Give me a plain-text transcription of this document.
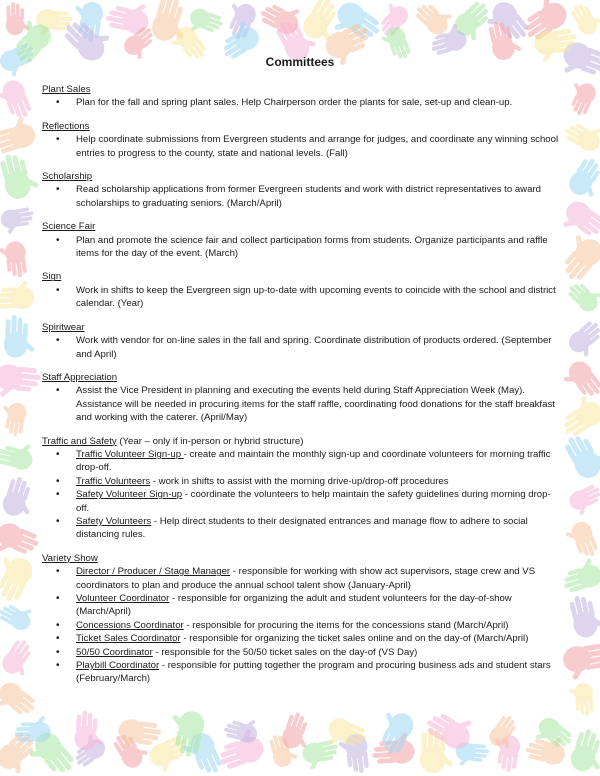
Committees
Plant Sales
• Plan for the fall and spring plant sales. Help Chairperson order the plants for sale, set-up and clean-up.
Reflections
• Help coordinate submissions from Evergreen students and arrange for judges, and coordinate any winning school entries to progress to the county, state and national levels. (Fall)
Scholarship
• Read scholarship applications from former Evergreen students and work with district representatives to award scholarships to graduating seniors. (March/April)
Science Fair
• Plan and promote the science fair and collect participation forms from students. Organize participants and raffle items for the day of the event. (March)
Sign
• Work in shifts to keep the Evergreen sign up-to-date with upcoming events to coincide with the school and district calendar. (Year)
Spiritwear
• Work with vendor for on-line sales in the fall and spring. Coordinate distribution of products ordered. (September and April)
Staff Appreciation
• Assist the Vice President in planning and executing the events held during Staff Appreciation Week (May). Assistance will be needed in procuring items for the staff raffle, coordinating food donations for the staff breakfast and working with the caterer. (April/May)
Traffic and Safety (Year – only if in-person or hybrid structure)
• Traffic Volunteer Sign-up - create and maintain the monthly sign-up and coordinate volunteers for morning traffic drop-off.
• Traffic Volunteers - work in shifts to assist with the morning drive-up/drop-off procedures
• Safety Volunteer Sign-up - coordinate the volunteers to help maintain the safety guidelines during morning drop-off.
• Safety Volunteers - Help direct students to their designated entrances and manage flow to adhere to social distancing rules.
Variety Show
• Director / Producer / Stage Manager - responsible for working with show act supervisors, stage crew and VS coordinators to plan and produce the annual school talent show (January-April)
• Volunteer Coordinator - responsible for organizing the adult and student volunteers for the day-of-show (March/April)
• Concessions Coordinator - responsible for procuring the items for the concessions stand (March/April)
• Ticket Sales Coordinator - responsible for organizing the ticket sales online and on the day-of (March/April)
• 50/50 Coordinator - responsible for the 50/50 ticket sales on the day-of (VS Day)
• Playbill Coordinator - responsible for putting together the program and procuring business ads and student stars (February/March)
